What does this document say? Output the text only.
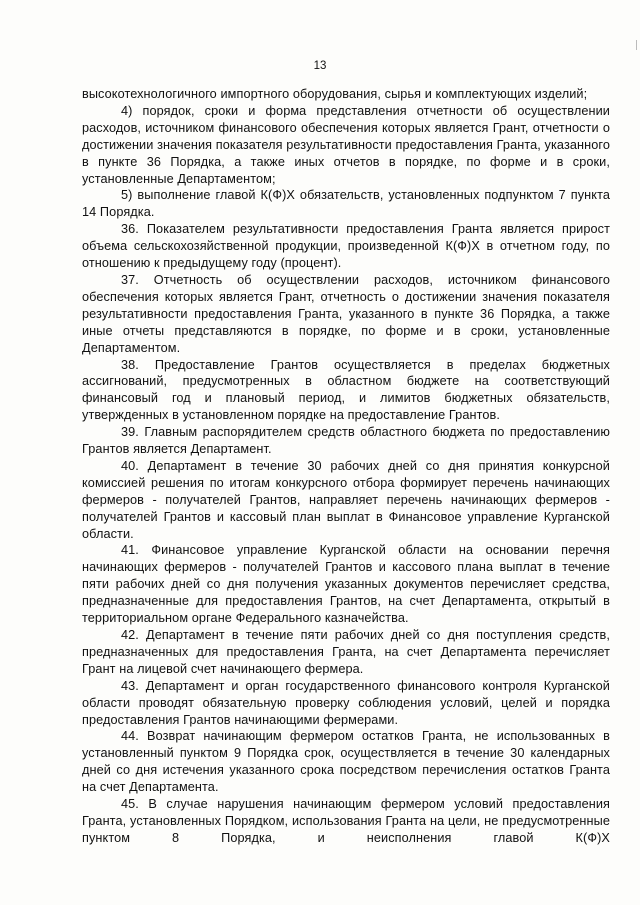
13

высокотехнологичного импортного оборудования, сырья и комплектующих изделий;

4) порядок, сроки и форма представления отчетности об осуществлении расходов, источником финансового обеспечения которых является Грант, отчетности о достижении значения показателя результативности предоставления Гранта, указанного в пункте 36 Порядка, а также иных отчетов в порядке, по форме и в сроки, установленные Департаментом;

5) выполнение главой К(Ф)Х обязательств, установленных подпунктом 7 пункта 14 Порядка.

36. Показателем результативности предоставления Гранта является прирост объема сельскохозяйственной продукции, произведенной К(Ф)Х в отчетном году, по отношению к предыдущему году (процент).

37. Отчетность об осуществлении расходов, источником финансового обеспечения которых является Грант, отчетность о достижении значения показателя результативности предоставления Гранта, указанного в пункте 36 Порядка, а также иные отчеты представляются в порядке, по форме и в сроки, установленные Департаментом.

38. Предоставление Грантов осуществляется в пределах бюджетных ассигнований, предусмотренных в областном бюджете на соответствующий финансовый год и плановый период, и лимитов бюджетных обязательств, утвержденных в установленном порядке на предоставление Грантов.

39. Главным распорядителем средств областного бюджета по предоставлению Грантов является Департамент.

40. Департамент в течение 30 рабочих дней со дня принятия конкурсной комиссией решения по итогам конкурсного отбора формирует перечень начинающих фермеров - получателей Грантов, направляет перечень начинающих фермеров - получателей Грантов и кассовый план выплат в Финансовое управление Курганской области.

41. Финансовое управление Курганской области на основании перечня начинающих фермеров - получателей Грантов и кассового плана выплат в течение пяти рабочих дней со дня получения указанных документов перечисляет средства, предназначенные для предоставления Грантов, на счет Департамента, открытый в территориальном органе Федерального казначейства.

42. Департамент в течение пяти рабочих дней со дня поступления средств, предназначенных для предоставления Гранта, на счет Департамента перечисляет Грант на лицевой счет начинающего фермера.

43. Департамент и орган государственного финансового контроля Курганской области проводят обязательную проверку соблюдения условий, целей и порядка предоставления Грантов начинающими фермерами.

44. Возврат начинающим фермером остатков Гранта, не использованных в установленный пунктом 9 Порядка срок, осуществляется в течение 30 календарных дней со дня истечения указанного срока посредством перечисления остатков Гранта на счет Департамента.

45. В случае нарушения начинающим фермером условий предоставления Гранта, установленных Порядком, использования Гранта на цели, не предусмотренные пунктом 8 Порядка, и неисполнения главой К(Ф)Х
